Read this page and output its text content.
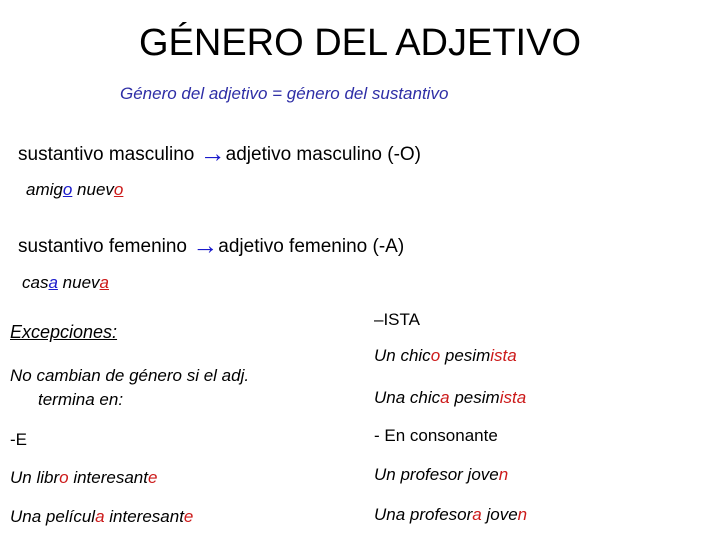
GÉNERO DEL ADJETIVO
Género del adjetivo = género del sustantivo
sustantivo masculino →adjetivo masculino (-O)
amigo nuevo
sustantivo femenino →adjetivo femenino (-A)
casa nueva
Excepciones:
No cambian de género si el adj.
termina en:
-E
Un libro interesante
Una película interesante
–ISTA
Un chico pesimista
Una chica pesimista
- En consonante
Un profesor joven
Una profesora joven
